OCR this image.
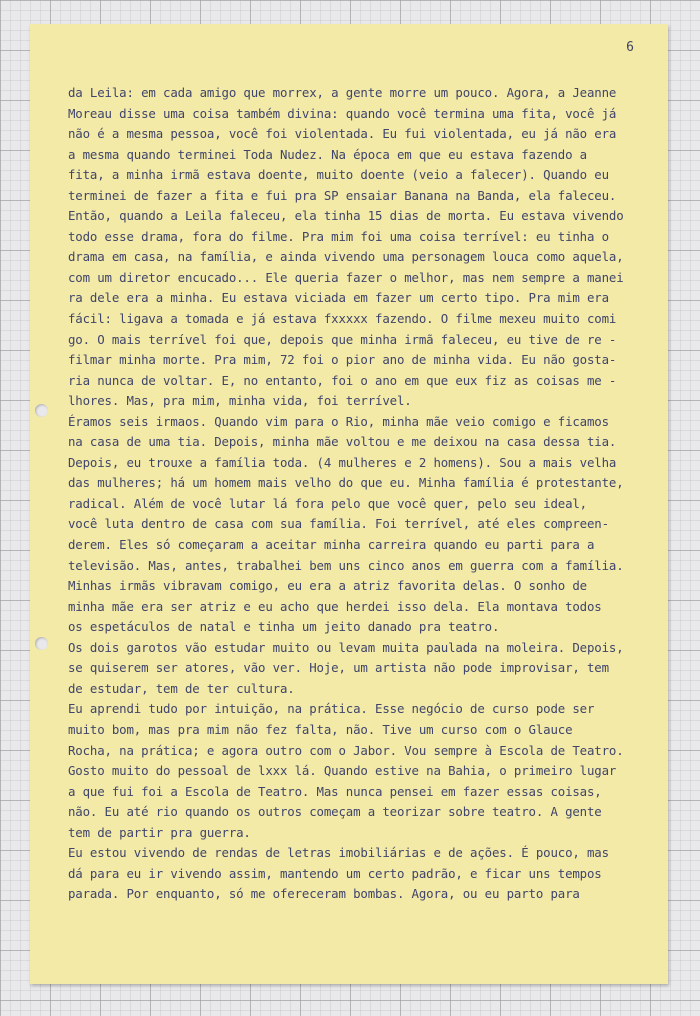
6
da Leila: em cada amigo que morrex, a gente morre um pouco. Agora, a Jeanne
Moreau disse uma coisa também divina: quando você termina uma fita, você já
não é a mesma pessoa, você foi violentada. Eu fui violentada, eu já não era
a mesma quando terminei Toda Nudez. Na época em que eu estava fazendo a
fita, a minha irmã estava doente, muito doente (veio a falecer). Quando eu
terminei de fazer a fita e fui pra SP ensaiar Banana na Banda, ela faleceu.
Então, quando a Leila faleceu, ela tinha 15 dias de morta. Eu estava vivendo
todo esse drama, fora do filme. Pra mim foi uma coisa terrível: eu tinha o
drama em casa, na família, e ainda vivendo uma personagem louca como aquela,
com um diretor encucado... Ele queria fazer o melhor, mas nem sempre a manei
ra dele era a minha. Eu estava viciada em fazer um certo tipo. Pra mim era
fácil: ligava a tomada e já estava fxxxxx fazendo. O filme mexeu muito comi
go. O mais terrível foi que, depois que minha irmã faleceu, eu tive de re -
filmar minha morte. Pra mim, 72 foi o pior ano de minha vida. Eu não gosta-
ria nunca de voltar. E, no entanto, foi o ano em que eux fiz as coisas me -
lhores. Mas, pra mim, minha vida, foi terrível.
Éramos seis irmaos. Quando vim para o Rio, minha mãe veio comigo e ficamos
na casa de uma tia. Depois, minha mãe voltou e me deixou na casa dessa tia.
Depois, eu trouxe a família toda. (4 mulheres e 2 homens). Sou a mais velha
das mulheres; há um homem mais velho do que eu. Minha família é protestante,
radical. Além de você lutar lá fora pelo que você quer, pelo seu ideal,
você luta dentro de casa com sua família. Foi terrível, até eles compreen-
derem. Eles só começaram a aceitar minha carreira quando eu parti para a
televisão. Mas, antes, trabalhei bem uns cinco anos em guerra com a família.
Minhas irmãs vibravam comigo, eu era a atriz favorita delas. O sonho de
minha mãe era ser atriz e eu acho que herdei isso dela. Ela montava todos
os espetáculos de natal e tinha um jeito danado pra teatro.
Os dois garotos vão estudar muito ou levam muita paulada na moleira. Depois,
se quiserem ser atores, vão ver. Hoje, um artista não pode improvisar, tem
de estudar, tem de ter cultura.
Eu aprendi tudo por intuição, na prática. Esse negócio de curso pode ser
muito bom, mas pra mim não fez falta, não. Tive um curso com o Glauce
Rocha, na prática; e agora outro com o Jabor. Vou sempre à Escola de Teatro.
Gosto muito do pessoal de lxxx lá. Quando estive na Bahia, o primeiro lugar
a que fui foi a Escola de Teatro. Mas nunca pensei em fazer essas coisas,
não. Eu até rio quando os outros começam a teorizar sobre teatro. A gente
tem de partir pra guerra.
Eu estou vivendo de rendas de letras imobiliárias e de ações. É pouco, mas
dá para eu ir vivendo assim, mantendo um certo padrão, e ficar uns tempos
parada. Por enquanto, só me ofereceram bombas. Agora, ou eu parto para
